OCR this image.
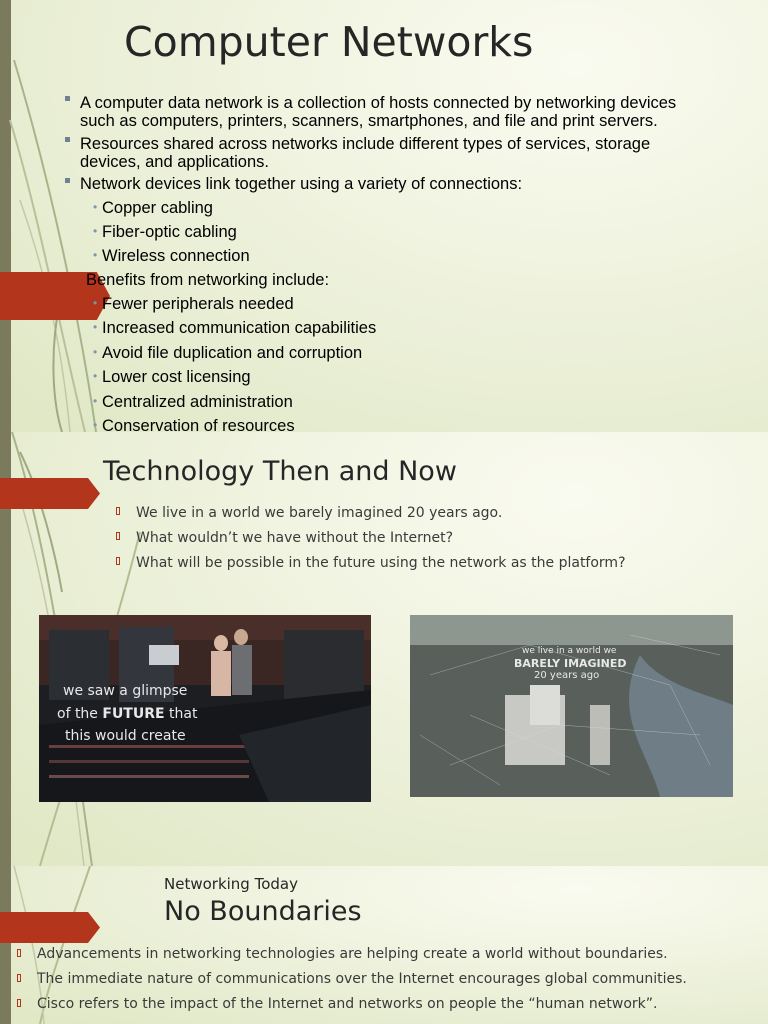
Computer Networks
A computer data network is a collection of hosts connected by networking devices
such as computers, printers, scanners, smartphones, and file and print servers.
Resources shared across networks include different types of services, storage
devices, and applications.
Network devices link together using a variety of connections:
• Copper cabling
• Fiber-optic cabling
• Wireless connection
Benefits from networking include:
• Fewer peripherals needed
• Increased communication capabilities
• Avoid file duplication and corruption
• Lower cost licensing
• Centralized administration
• Conservation of resources
Technology Then and Now
We live in a world we barely imagined 20 years ago.
What wouldn’t we have without the Internet?
What will be possible in the future using the network as the platform?
we saw a glimpse
of the FUTURE that
this would create
we live in a world we
BARELY IMAGINED
20 years ago
Networking Today
No Boundaries
Advancements in networking technologies are helping create a world without boundaries.
The immediate nature of communications over the Internet encourages global communities.
Cisco refers to the impact of the Internet and networks on people the “human network”.
